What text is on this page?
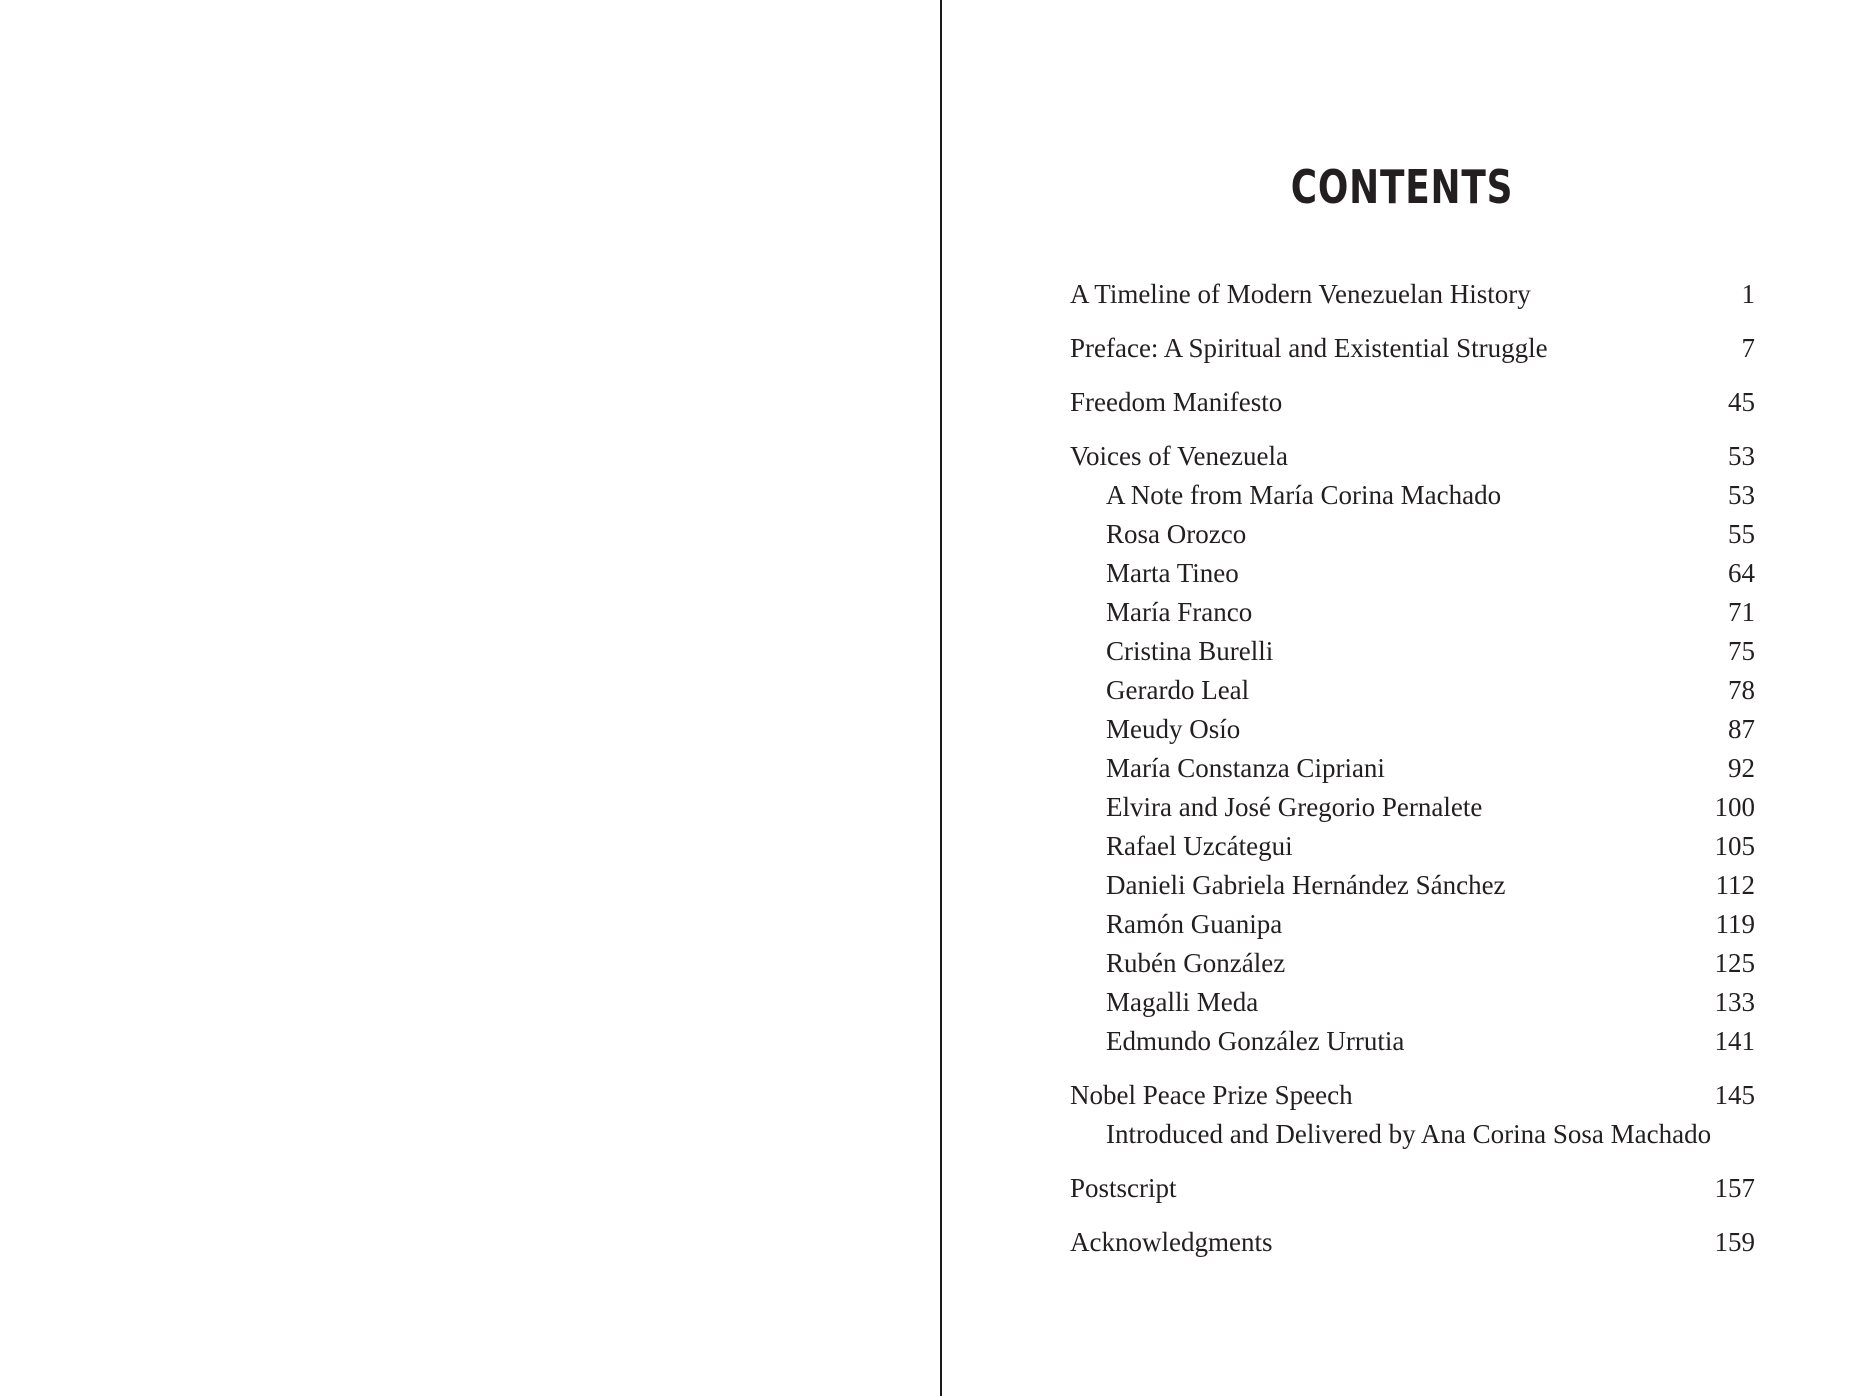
CONTENTS
A Timeline of Modern Venezuelan History	1
Preface: A Spiritual and Existential Struggle	7
Freedom Manifesto	45
Voices of Venezuela	53
A Note from María Corina Machado	53
Rosa Orozco	55
Marta Tineo	64
María Franco	71
Cristina Burelli	75
Gerardo Leal	78
Meudy Osío	87
María Constanza Cipriani	92
Elvira and José Gregorio Pernalete	100
Rafael Uzcátegui	105
Danieli Gabriela Hernández Sánchez	112
Ramón Guanipa	119
Rubén González	125
Magalli Meda	133
Edmundo González Urrutia	141
Nobel Peace Prize Speech	145
Introduced and Delivered by Ana Corina Sosa Machado
Postscript	157
Acknowledgments	159
